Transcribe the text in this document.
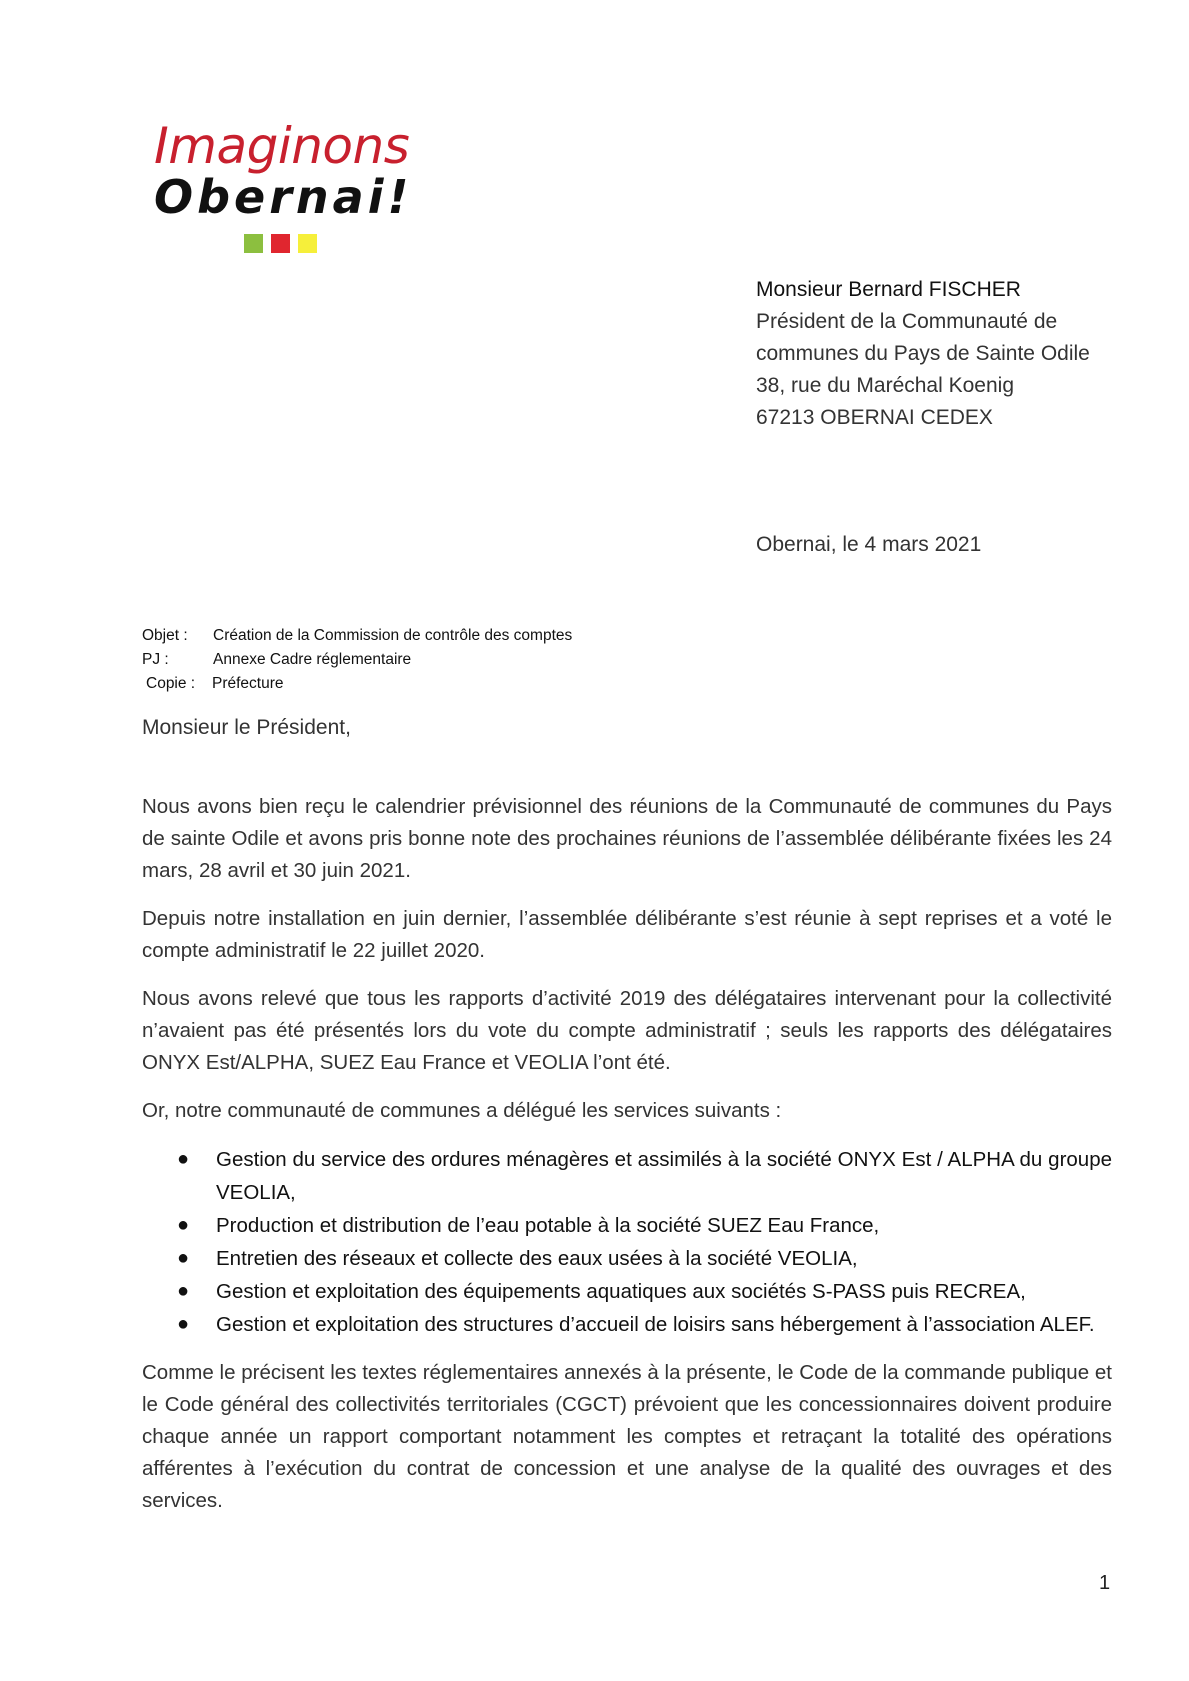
Imaginons
Obernai!
Monsieur Bernard FISCHER
Président de la Communauté de
communes du Pays de Sainte Odile
38, rue du Maréchal Koenig
67213 OBERNAI CEDEX
Obernai, le 4 mars 2021
Objet : Création de la Commission de contrôle des comptes
PJ :	Annexe Cadre réglementaire
Copie : Préfecture
Monsieur le Président,

Nous avons bien reçu le calendrier prévisionnel des réunions de la Communauté de communes du Pays de sainte Odile et avons pris bonne note des prochaines réunions de l’assemblée délibérante fixées les 24 mars, 28 avril et 30 juin 2021.

Depuis notre installation en juin dernier, l’assemblée délibérante s’est réunie à sept reprises et a voté le compte administratif le 22 juillet 2020.

Nous avons relevé que tous les rapports d’activité 2019 des délégataires intervenant pour la collectivité n’avaient pas été présentés lors du vote du compte administratif ; seuls les rapports des délégataires ONYX Est/ALPHA, SUEZ Eau France et VEOLIA l’ont été.

Or, notre communauté de communes a délégué les services suivants :

● Gestion du service des ordures ménagères et assimilés à la société ONYX Est / ALPHA du groupe VEOLIA,
● Production et distribution de l’eau potable à la société SUEZ Eau France,
● Entretien des réseaux et collecte des eaux usées à la société VEOLIA,
● Gestion et exploitation des équipements aquatiques aux sociétés S-PASS puis RECREA,
● Gestion et exploitation des structures d’accueil de loisirs sans hébergement à l’association ALEF.

Comme le précisent les textes réglementaires annexés à la présente, le Code de la commande publique et le Code général des collectivités territoriales (CGCT) prévoient que les concessionnaires doivent produire chaque année un rapport comportant notamment les comptes et retraçant la totalité des opérations afférentes à l’exécution du contrat de concession et une analyse de la qualité des ouvrages et des services.

1
